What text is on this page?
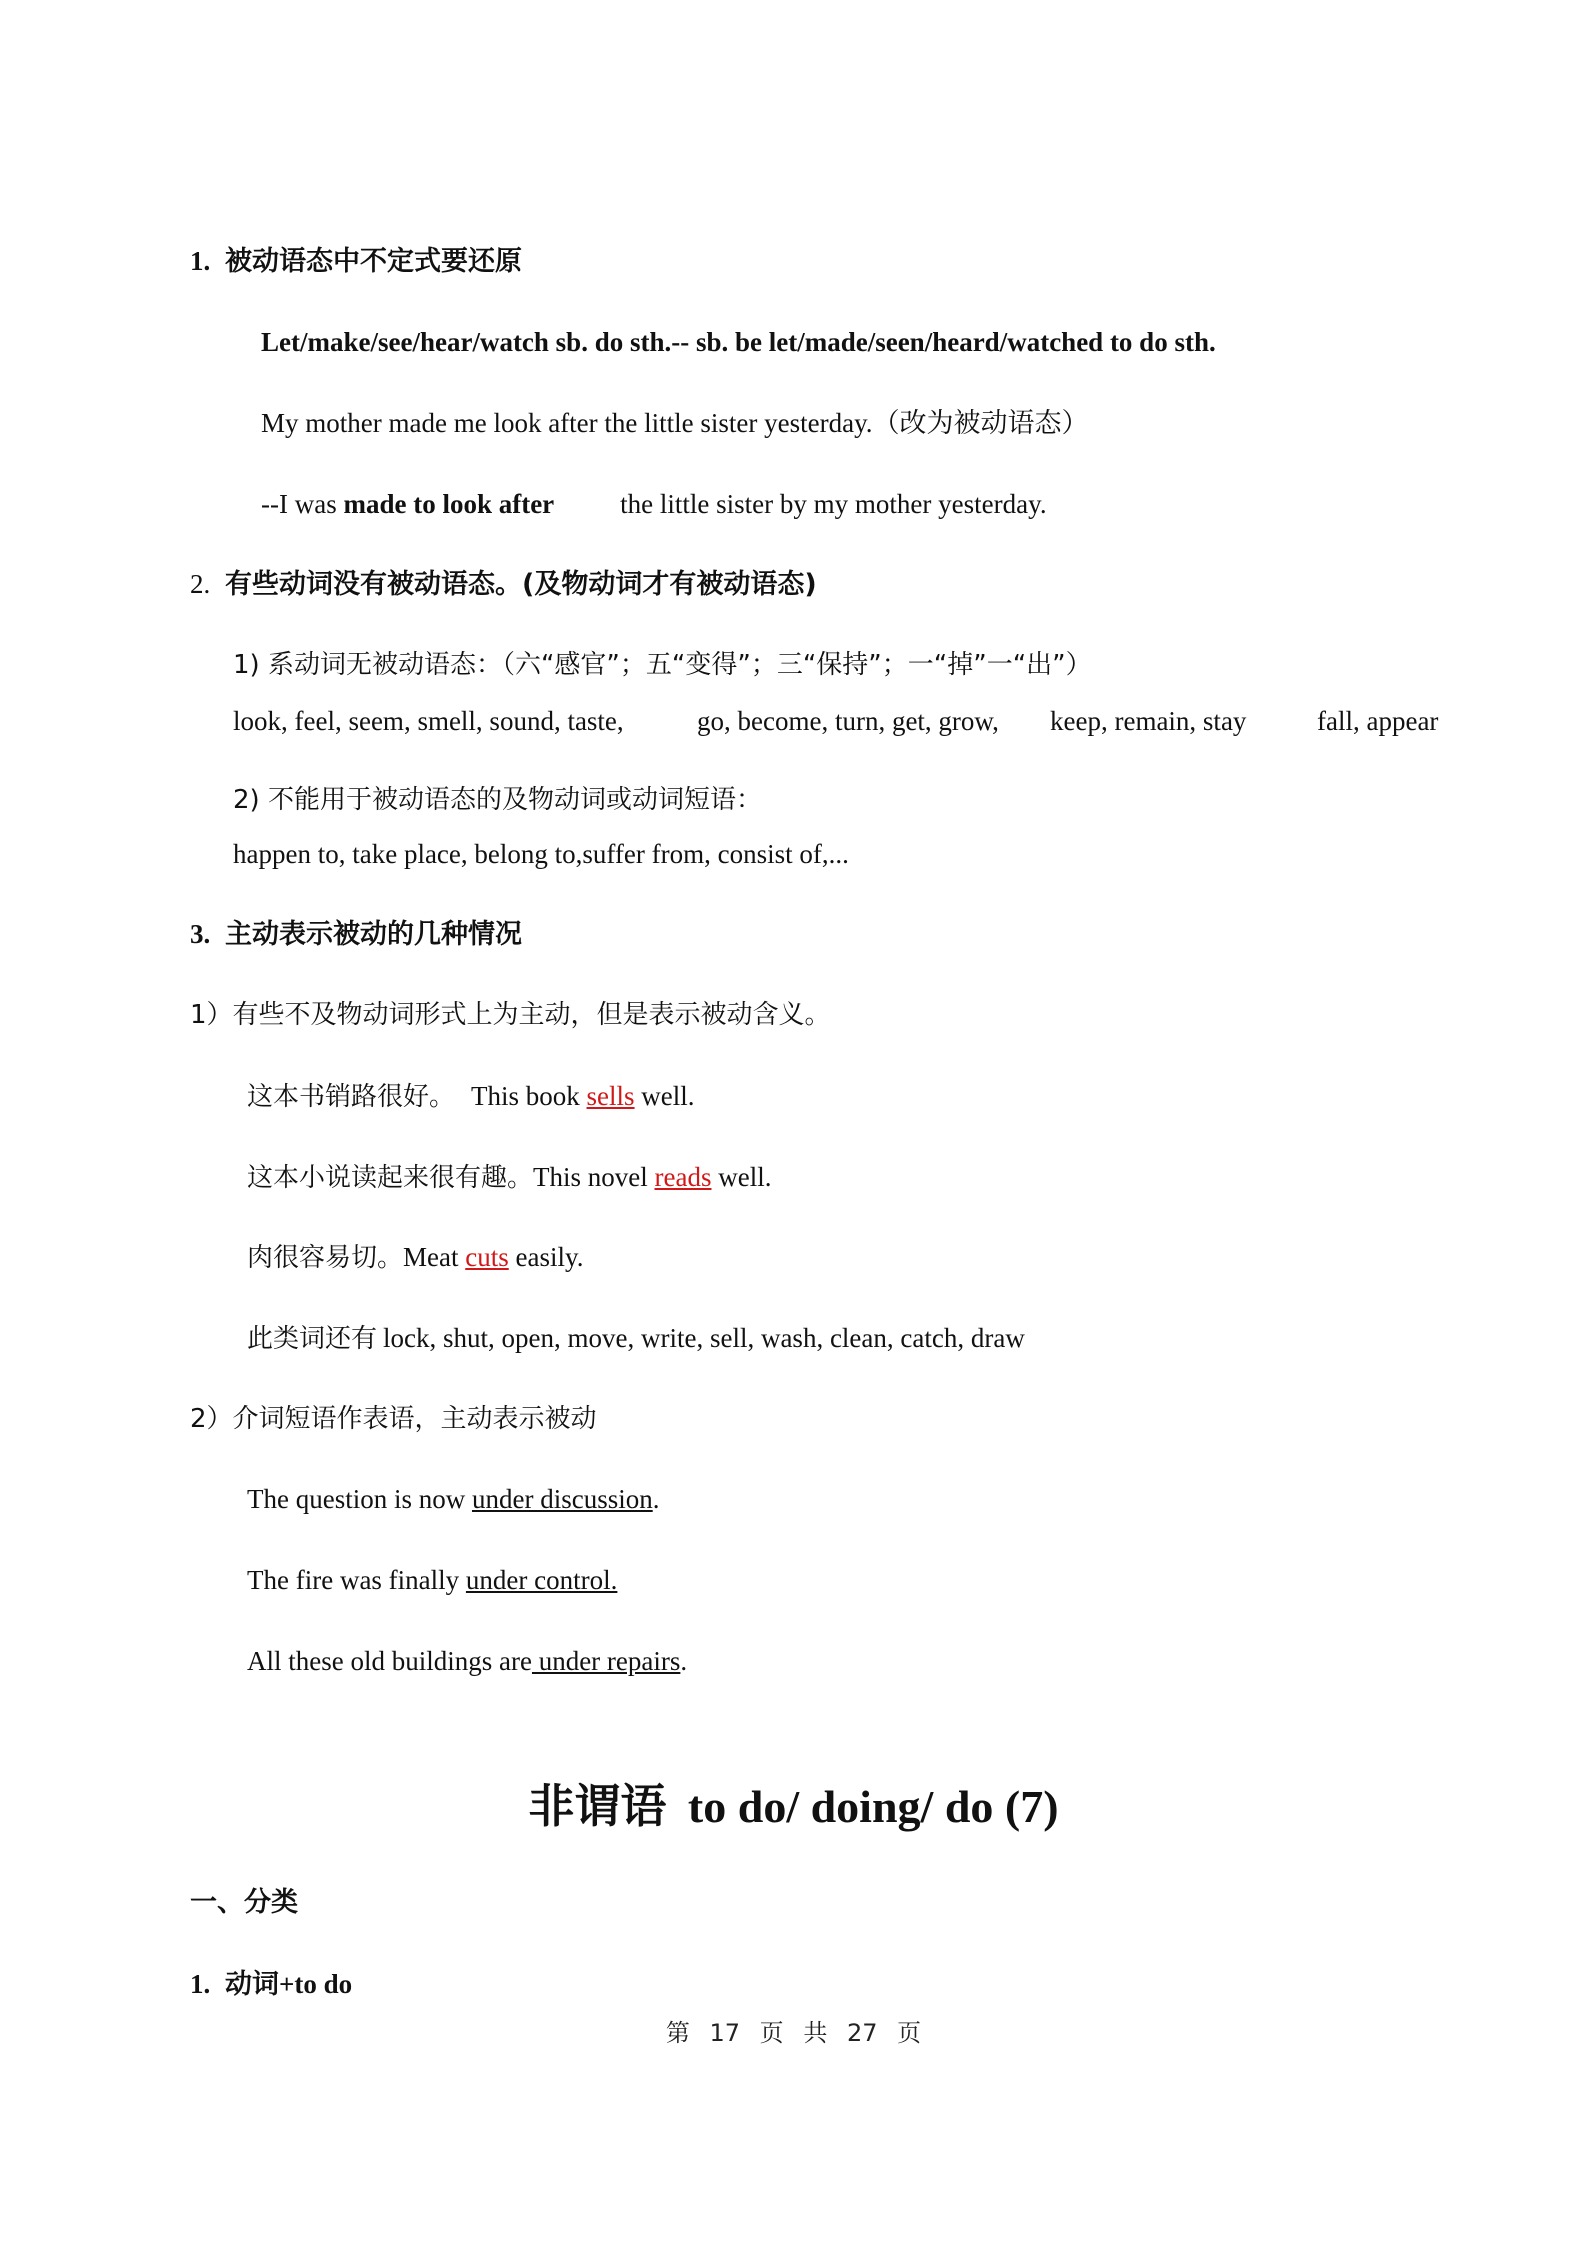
1. 被动语态中不定式要还原
Let/make/see/hear/watch sb. do sth.-- sb. be let/made/seen/heard/watched to do sth.
My mother made me look after the little sister yesterday.（改为被动语态）
--I was made to look after the little sister by my mother yesterday.
2. 有些动词没有被动语态。(及物动词才有被动语态)
1) 系动词无被动语态：（六“感官”；五“变得”；三“保持”；一“掉”一“出”）
look, feel, seem, smell, sound, taste,	go, become, turn, get, grow, keep, remain, stay	fall, appear
2) 不能用于被动语态的及物动词或动词短语：
happen to, take place, belong to,suffer from, consist of,...
3. 主动表示被动的几种情况
1）有些不及物动词形式上为主动，但是表示被动含义。
这本书销路很好。 This book sells well.
这本小说读起来很有趣。This novel reads well.
肉很容易切。Meat cuts easily.
此类词还有 lock, shut, open, move, write, sell, wash, clean, catch, draw
2）介词短语作表语，主动表示被动
The question is now under discussion.
The fire was finally under control.
All these old buildings are under repairs.
非谓语 to do/ doing/ do (7)
一、分类
1. 动词+to do
第 17 页 共 27 页
